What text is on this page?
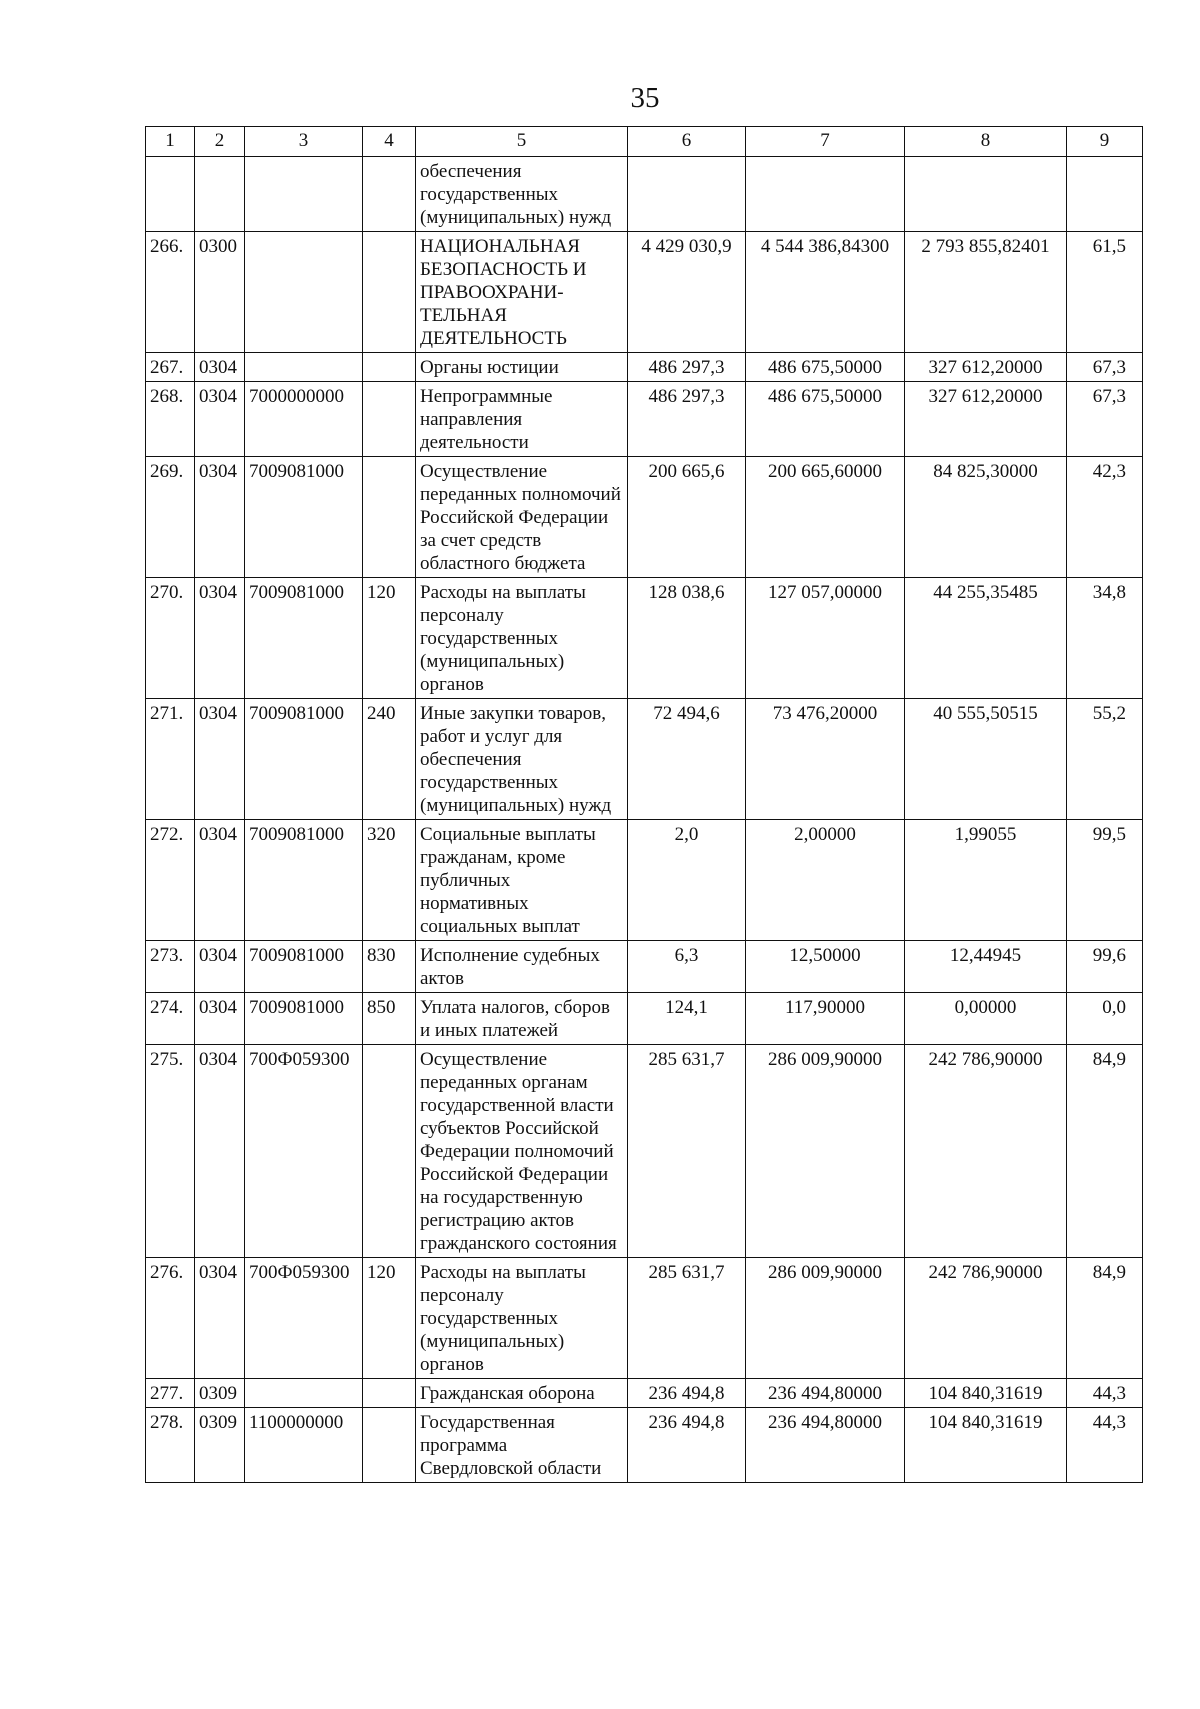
35
1	2	3	4	5	6	7	8	9
				обеспечения государственных (муниципальных) нужд				
266.	0300			НАЦИОНАЛЬНАЯ БЕЗОПАСНОСТЬ И ПРАВООХРАНИ-ТЕЛЬНАЯ ДЕЯТЕЛЬНОСТЬ	4 429 030,9	4 544 386,84300	2 793 855,82401	61,5
267.	0304			Органы юстиции	486 297,3	486 675,50000	327 612,20000	67,3
268.	0304	7000000000		Непрограммные направления деятельности	486 297,3	486 675,50000	327 612,20000	67,3
269.	0304	7009081000		Осуществление переданных полномочий Российской Федерации за счет средств областного бюджета	200 665,6	200 665,60000	84 825,30000	42,3
270.	0304	7009081000	120	Расходы на выплаты персоналу государственных (муниципальных) органов	128 038,6	127 057,00000	44 255,35485	34,8
271.	0304	7009081000	240	Иные закупки товаров, работ и услуг для обеспечения государственных (муниципальных) нужд	72 494,6	73 476,20000	40 555,50515	55,2
272.	0304	7009081000	320	Социальные выплаты гражданам, кроме публичных нормативных социальных выплат	2,0	2,00000	1,99055	99,5
273.	0304	7009081000	830	Исполнение судебных актов	6,3	12,50000	12,44945	99,6
274.	0304	7009081000	850	Уплата налогов, сборов и иных платежей	124,1	117,90000	0,00000	0,0
275.	0304	700Ф059300		Осуществление переданных органам государственной власти субъектов Российской Федерации полномочий Российской Федерации на государственную регистрацию актов гражданского состояния	285 631,7	286 009,90000	242 786,90000	84,9
276.	0304	700Ф059300	120	Расходы на выплаты персоналу государственных (муниципальных) органов	285 631,7	286 009,90000	242 786,90000	84,9
277.	0309			Гражданская оборона	236 494,8	236 494,80000	104 840,31619	44,3
278.	0309	1100000000		Государственная программа Свердловской области	236 494,8	236 494,80000	104 840,31619	44,3
